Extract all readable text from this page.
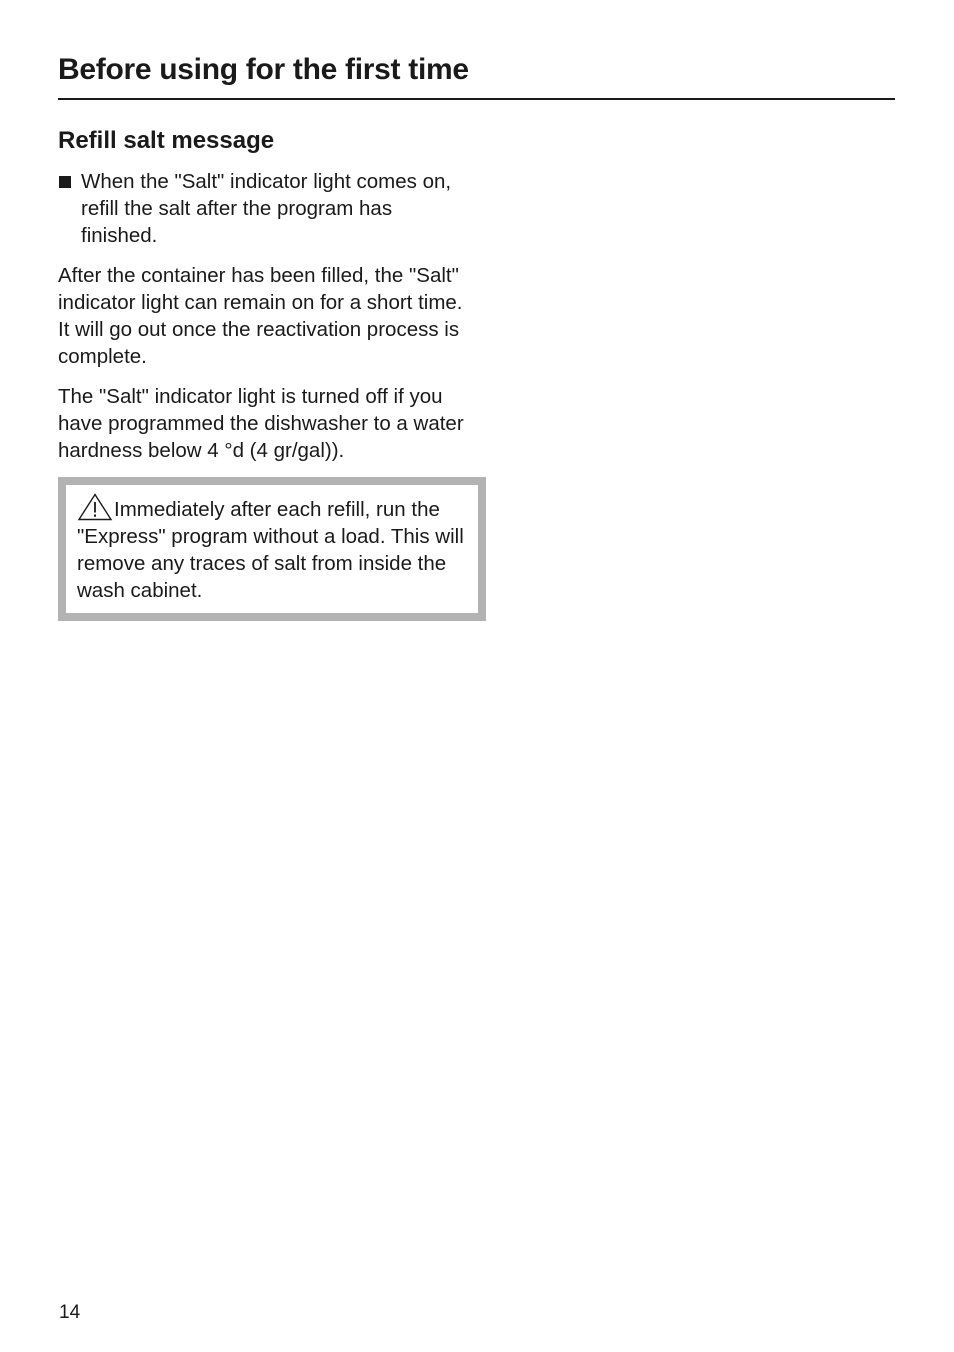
Before using for the first time
Refill salt message
When the "Salt" indicator light comes on, refill the salt after the program has finished.

After the container has been filled, the "Salt" indicator light can remain on for a short time. It will go out once the reactivation process is complete.

The "Salt" indicator light is turned off if you have programmed the dishwasher to a water hardness below 4 °d (4 gr/gal)).

Immediately after each refill, run the "Express" program without a load. This will remove any traces of salt from inside the wash cabinet.
14
